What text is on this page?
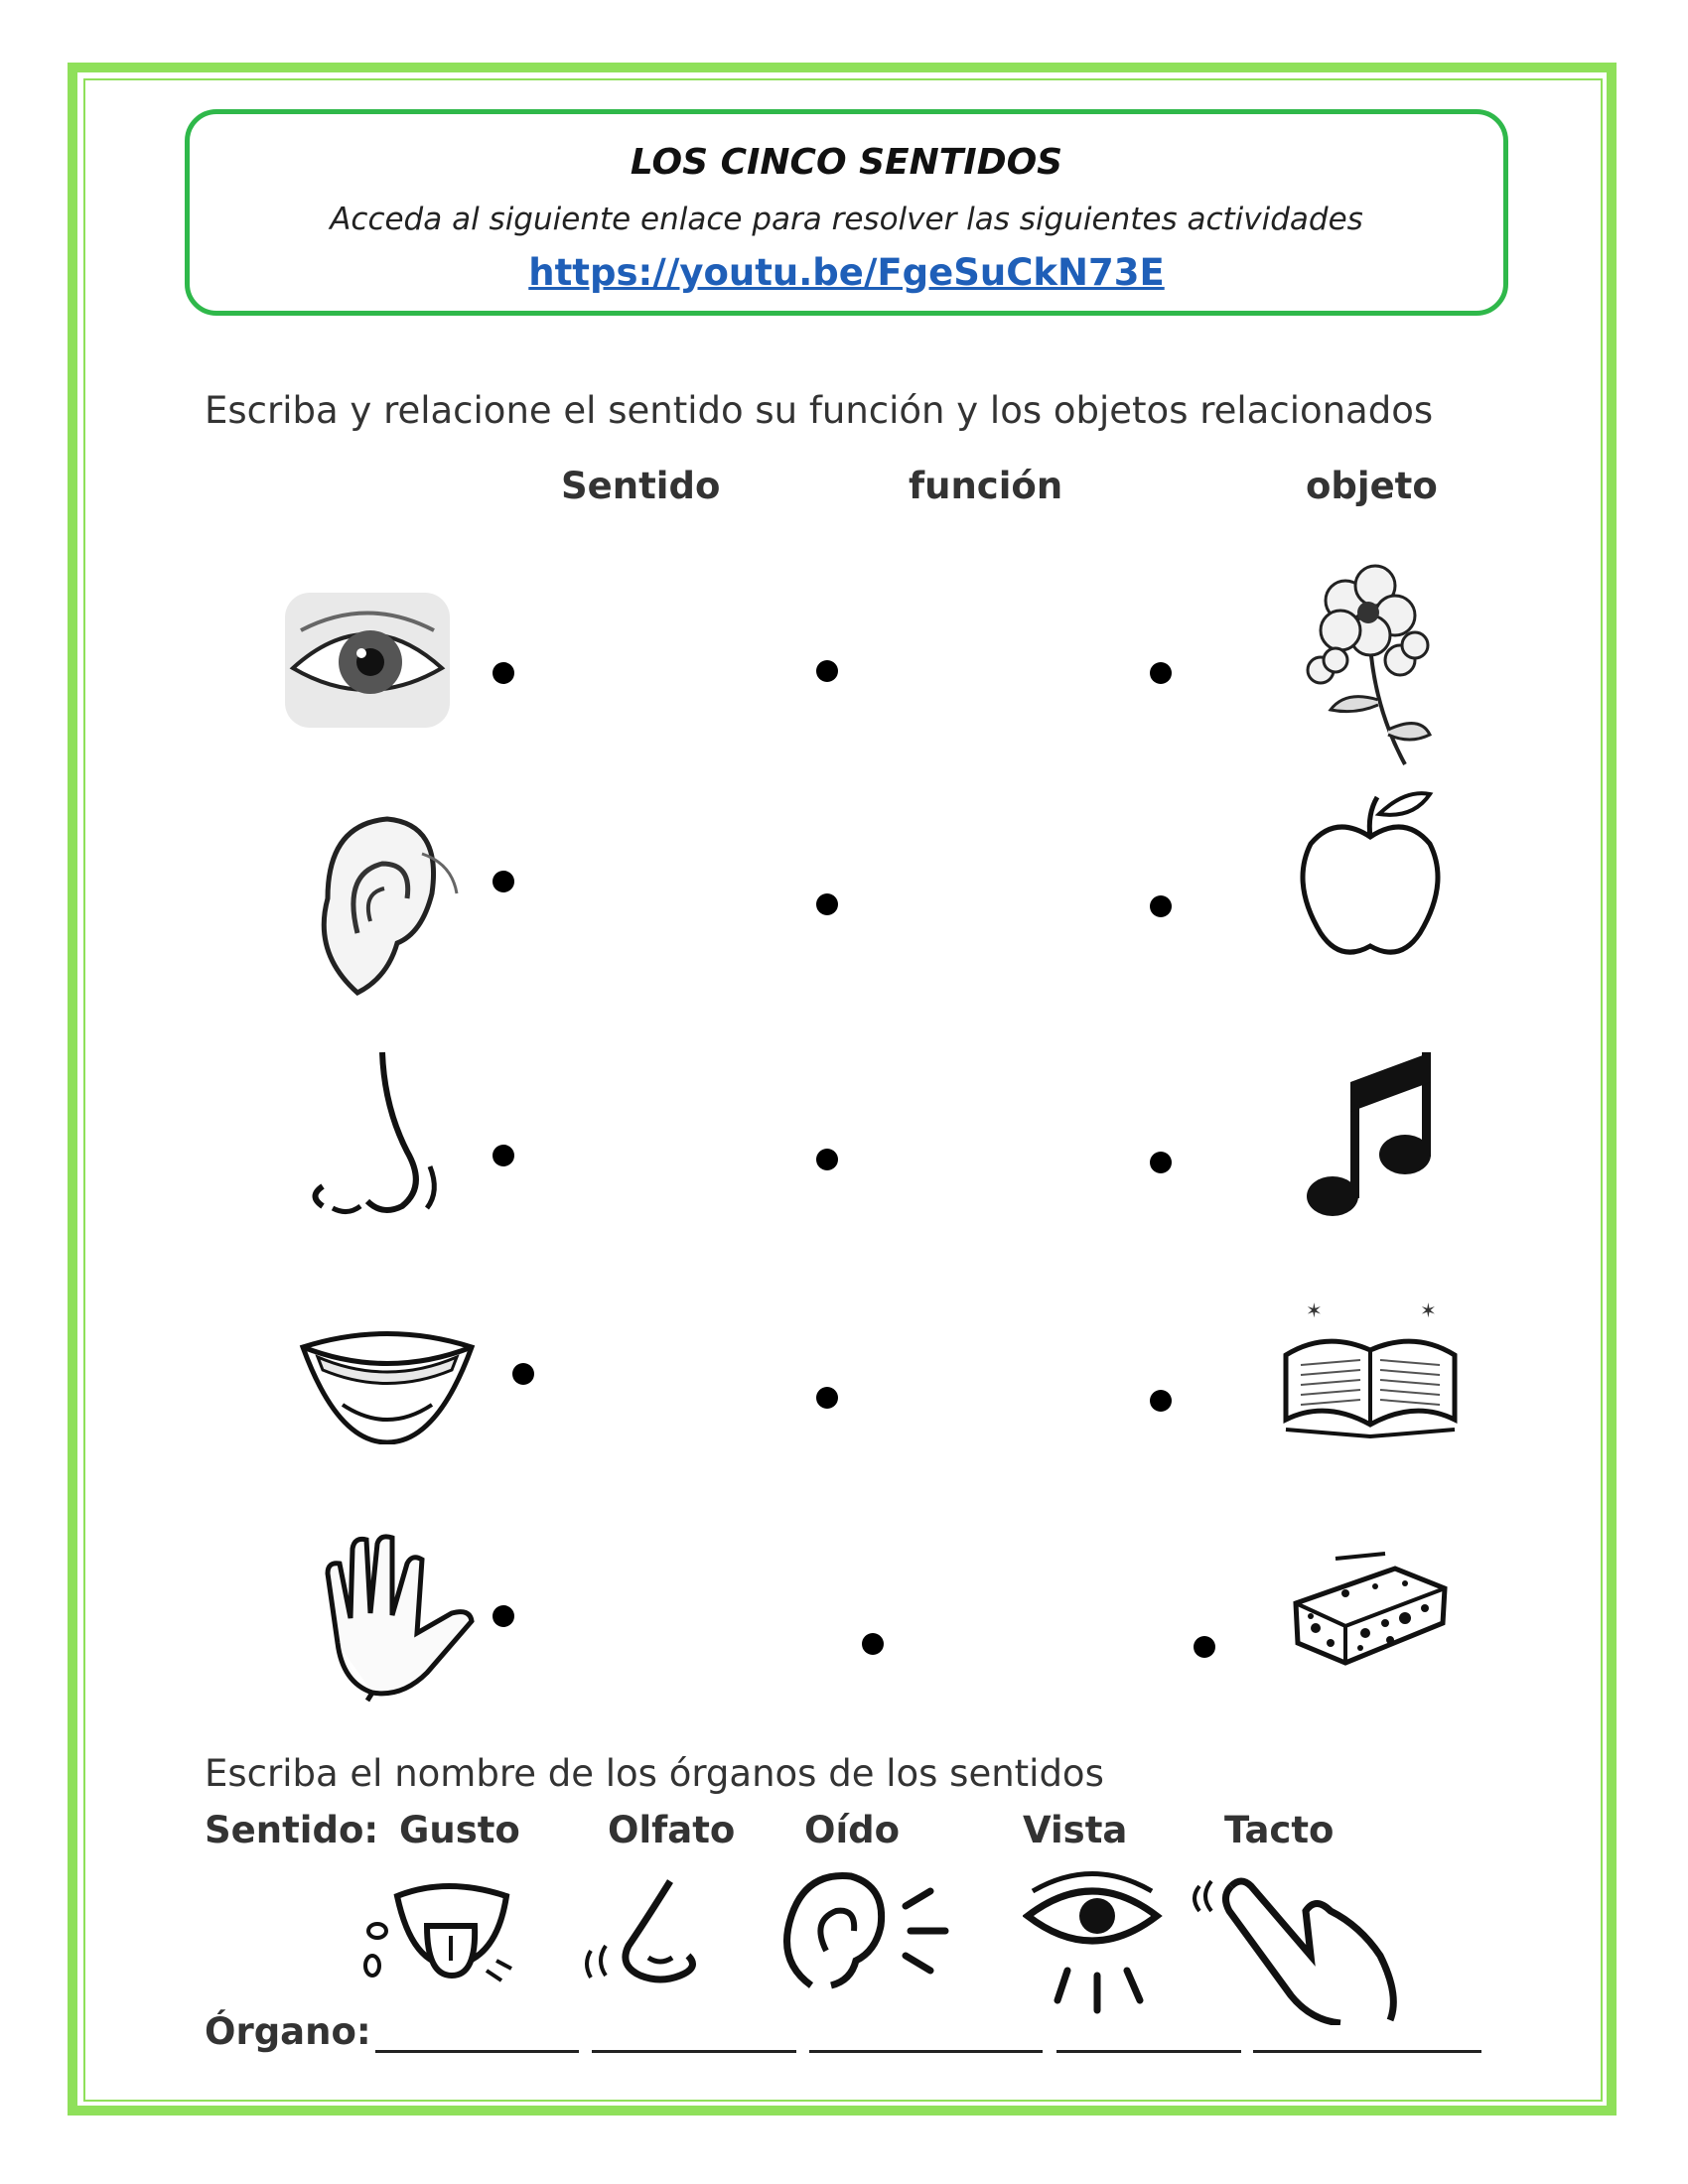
LOS CINCO SENTIDOS
Acceda al siguiente enlace para resolver las siguientes actividades
https://youtu.be/FgeSuCkN73E
Escriba y relacione el sentido su función y los objetos relacionados
Sentido	función	objeto
✶	✶
Escriba el nombre de los órganos de los sentidos
Sentido: Gusto Olfato Oído	Vista	Tacto
Órgano:
